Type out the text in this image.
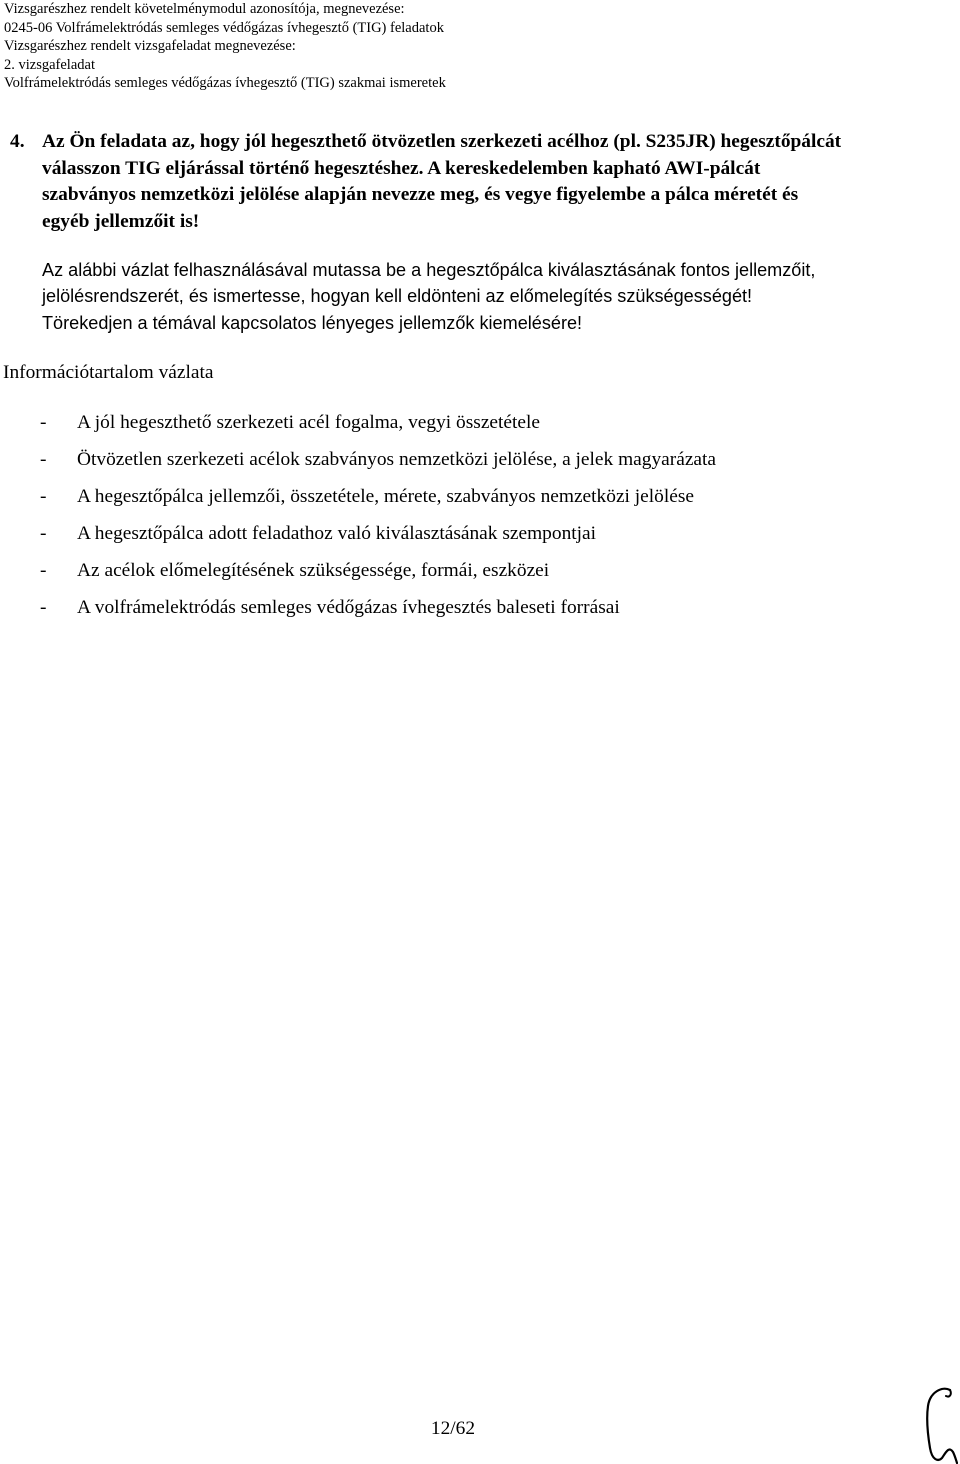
Vizsgarészhez rendelt követelménymodul azonosítója, megnevezése:
0245-06 Volfrámelektródás semleges védőgázas ívhegesztő (TIG) feladatok
Vizsgarészhez rendelt vizsgafeladat megnevezése:
2. vizsgafeladat
Volfrámelektródás semleges védőgázas ívhegesztő (TIG) szakmai ismeretek
4. Az Ön feladata az, hogy jól hegeszthető ötvözetlen szerkezeti acélhoz (pl. S235JR) hegesztőpálcát válasszon TIG eljárással történő hegesztéshez. A kereskedelemben kapható AWI-pálcát szabványos nemzetközi jelölése alapján nevezze meg, és vegye figyelembe a pálca méretét és egyéb jellemzőit is!
Az alábbi vázlat felhasználásával mutassa be a hegesztőpálca kiválasztásának fontos jellemzőit, jelölésrendszerét, és ismertesse, hogyan kell eldönteni az előmelegítés szükségességét! Törekedjen a témával kapcsolatos lényeges jellemzők kiemelésére!
Információtartalom vázlata
- A jól hegeszthető szerkezeti acél fogalma, vegyi összetétele
- Ötvözetlen szerkezeti acélok szabványos nemzetközi jelölése, a jelek magyarázata
- A hegesztőpálca jellemzői, összetétele, mérete, szabványos nemzetközi jelölése
- A hegesztőpálca adott feladathoz való kiválasztásának szempontjai
- Az acélok előmelegítésének szükségessége, formái, eszközei
- A volfrámelektródás semleges védőgázas ívhegesztés baleseti forrásai
12/62
